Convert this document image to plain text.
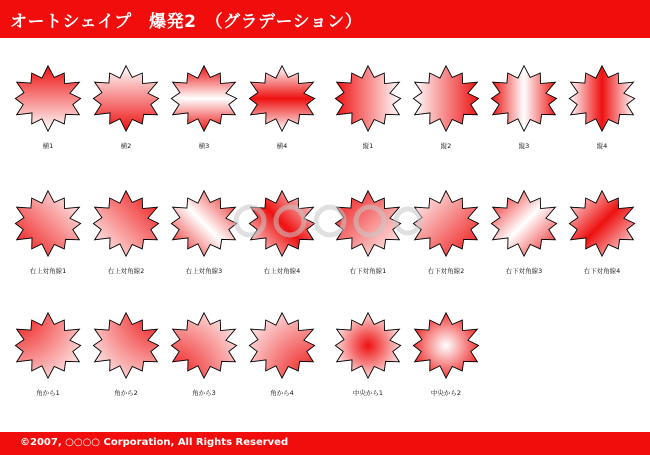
オートシェイプ　爆発2　（グラデーション）
横1	横2	横3	横4	縦1	縦2	縦3	縦4
右上対角線1	右上対角線2	右上対角線3	右上対角線4	右下対角線1	右下対角線2	右下対角線3	右下対角線4
角から1	角から2	角から3	角から4	中央から1	中央から2
©2007, ○○○○ Corporation, All Rights Reserved
